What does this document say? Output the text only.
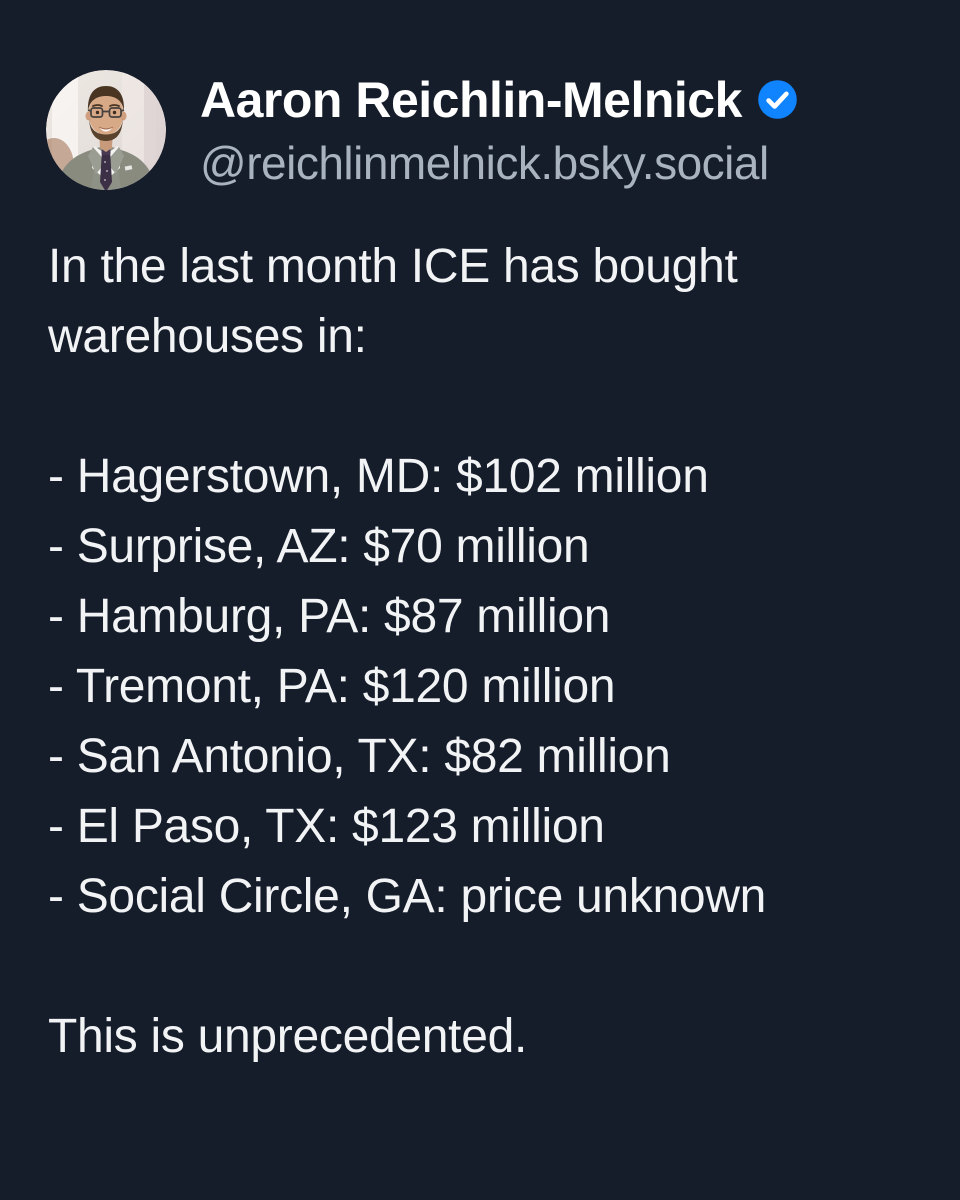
Aaron Reichlin-Melnick
@reichlinmelnick.bsky.social

In the last month ICE has bought

warehouses in:

- Hagerstown, MD: $102 million

- Surprise, AZ: $70 million

- Hamburg, PA: $87 million

- Tremont, PA: $120 million

- San Antonio, TX: $82 million

- El Paso, TX: $123 million

- Social Circle, GA: price unknown

This is unprecedented.
